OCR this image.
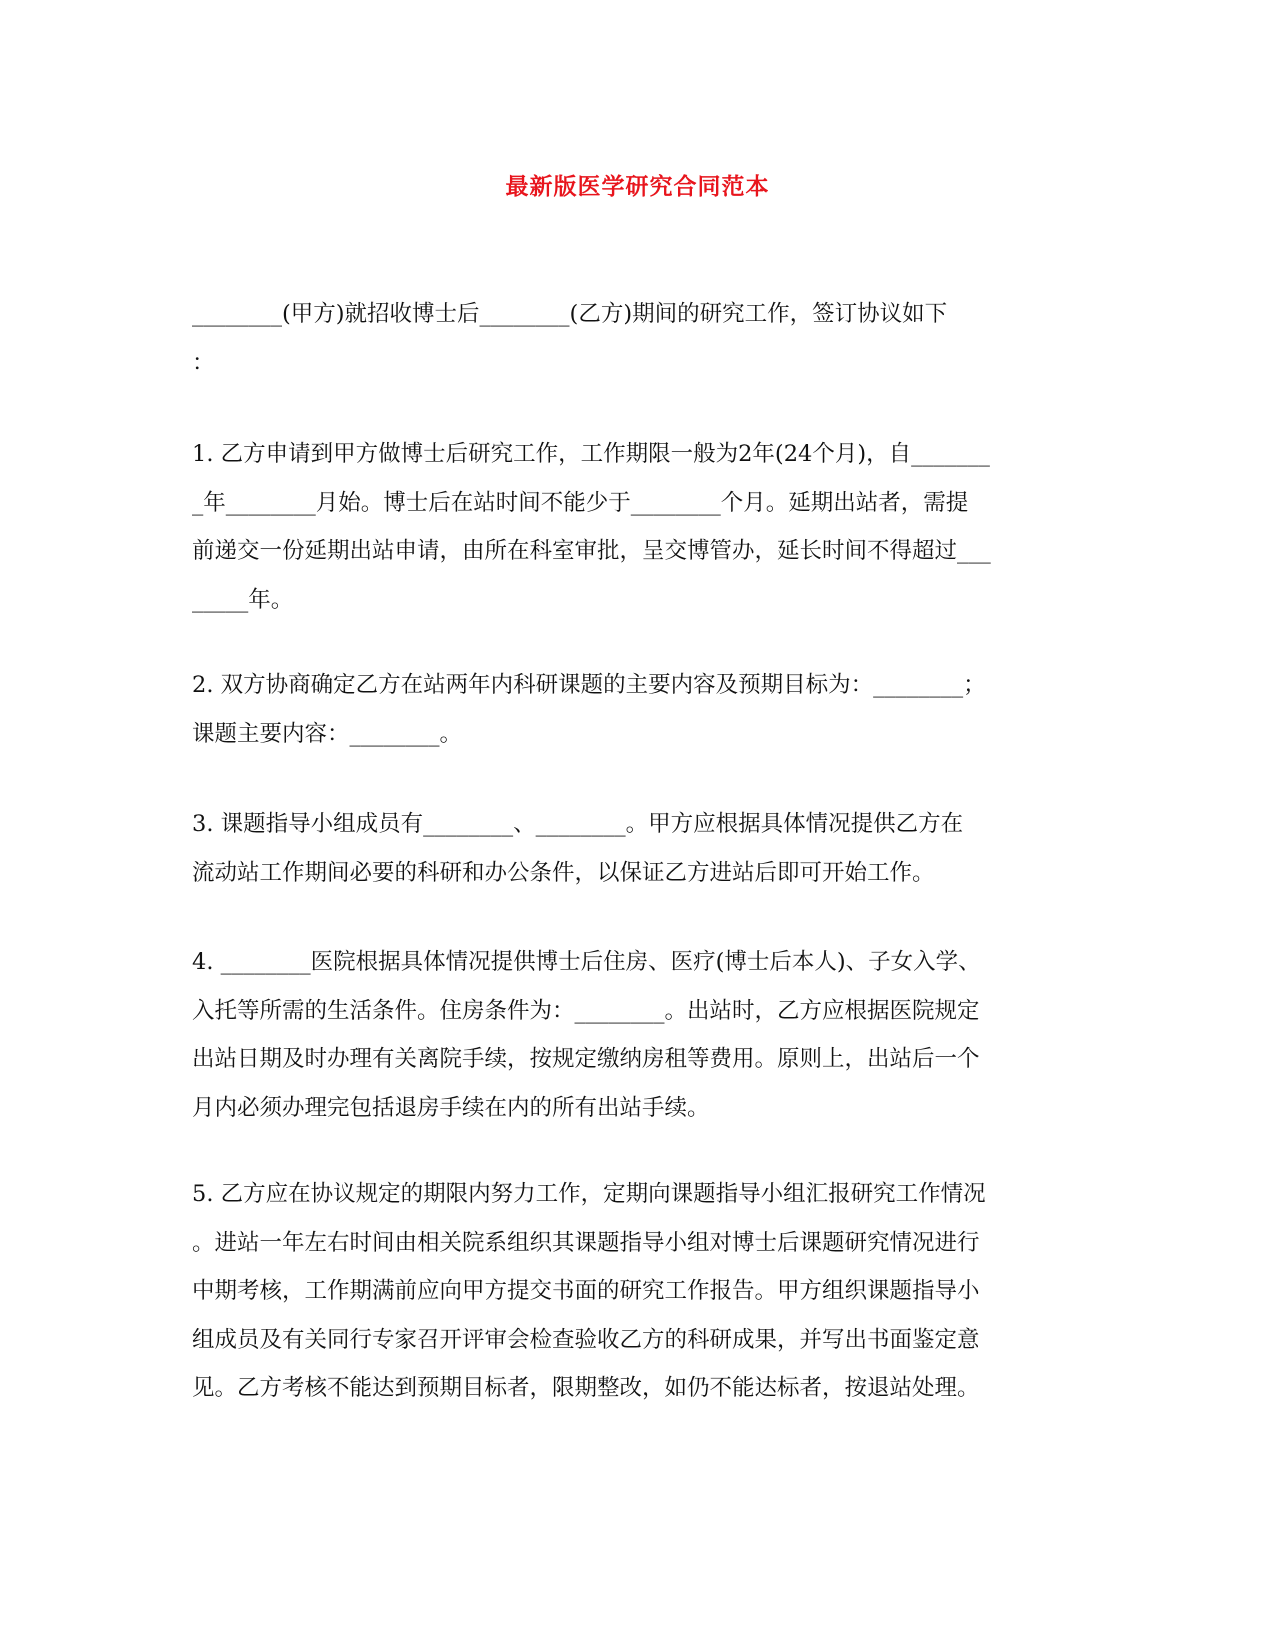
最新版医学研究合同范本
________(甲方)就招收博士后________(乙方)期间的研究工作，签订协议如下
：
1. 乙方申请到甲方做博士后研究工作，工作期限一般为2年(24个月)，自_______
_年________月始。博士后在站时间不能少于________个月。延期出站者，需提
前递交一份延期出站申请，由所在科室审批，呈交博管办，延长时间不得超过___
_____年。
2. 双方协商确定乙方在站两年内科研课题的主要内容及预期目标为：________；
课题主要内容：________。
3. 课题指导小组成员有________、________。甲方应根据具体情况提供乙方在
流动站工作期间必要的科研和办公条件，以保证乙方进站后即可开始工作。
4. ________医院根据具体情况提供博士后住房、医疗(博士后本人)、子女入学、
入托等所需的生活条件。住房条件为：________。出站时，乙方应根据医院规定
出站日期及时办理有关离院手续，按规定缴纳房租等费用。原则上，出站后一个
月内必须办理完包括退房手续在内的所有出站手续。
5. 乙方应在协议规定的期限内努力工作，定期向课题指导小组汇报研究工作情况
。进站一年左右时间由相关院系组织其课题指导小组对博士后课题研究情况进行
中期考核，工作期满前应向甲方提交书面的研究工作报告。甲方组织课题指导小
组成员及有关同行专家召开评审会检查验收乙方的科研成果，并写出书面鉴定意
见。乙方考核不能达到预期目标者，限期整改，如仍不能达标者，按退站处理。
